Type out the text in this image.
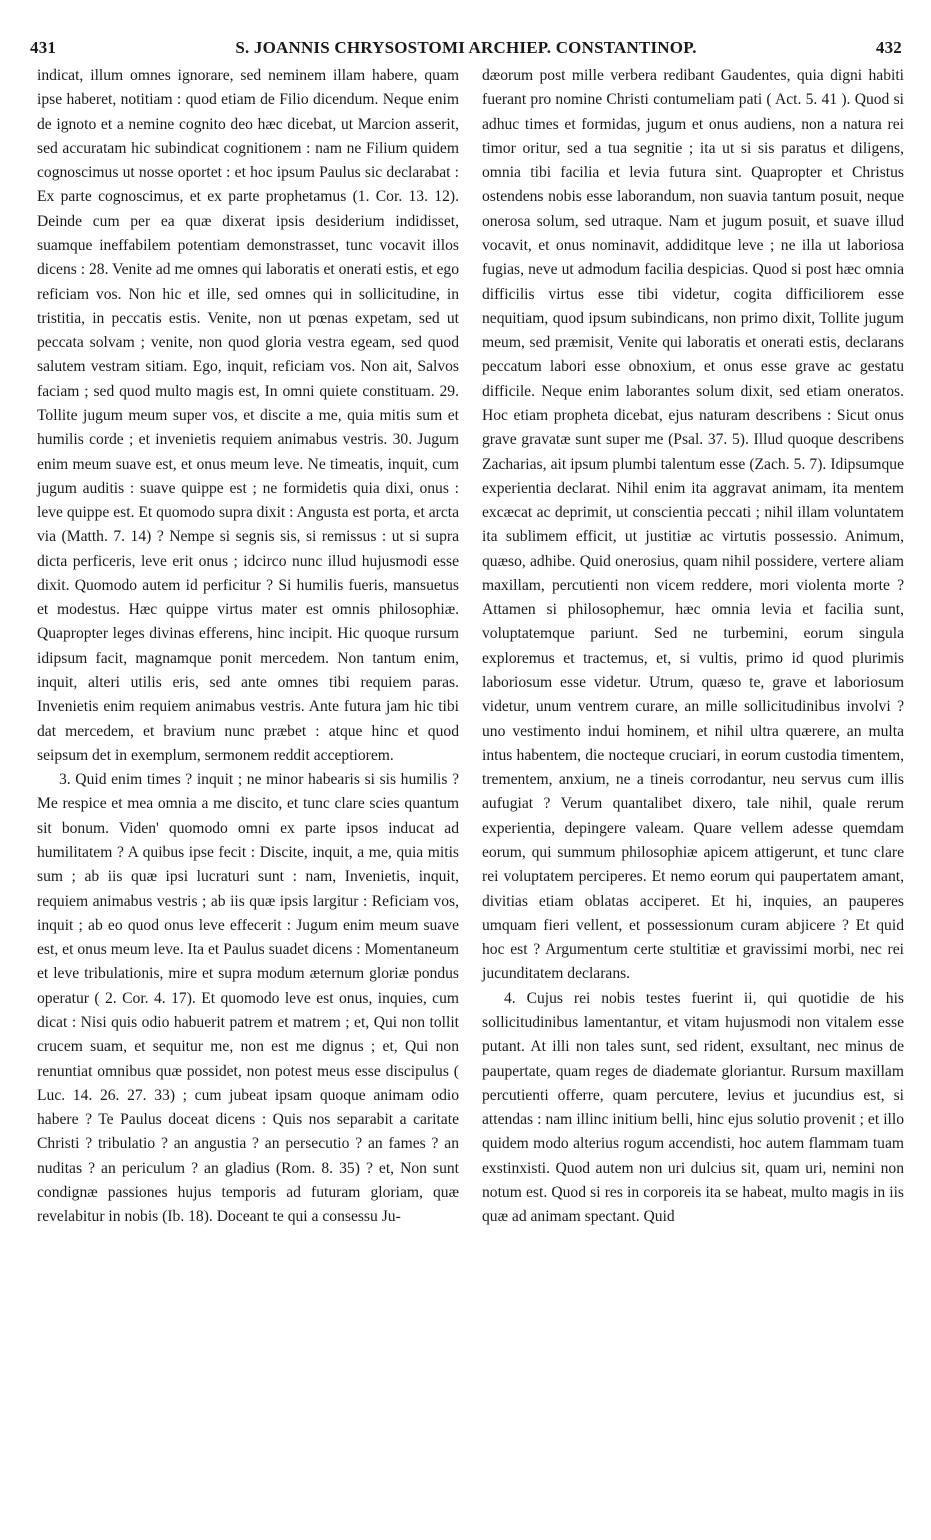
431	S. JOANNIS CHRYSOSTOMI ARCHIEP. CONSTANTINOP.	432

indicat, illum omnes ignorare, sed neminem illam habere, quam ipse haberet, notitiam : quod etiam de Filio dicendum. Neque enim de ignoto et a nemine cognito deo hæc dicebat, ut Marcion asserit, sed accuratam hic subindicat cognitionem : nam ne Filium quidem cognoscimus ut nosse oportet : et hoc ipsum Paulus sic declarabat : Ex parte cognoscimus, et ex parte prophetamus (1. Cor. 13. 12). Deinde cum per ea quæ dixerat ipsis desiderium indidisset, suamque ineffabilem potentiam demonstrasset, tunc vocavit illos dicens : 28. Venite ad me omnes qui laboratis et onerati estis, et ego reficiam vos. Non hic et ille, sed omnes qui in sollicitudine, in tristitia, in peccatis estis. Venite, non ut pœnas expetam, sed ut peccata solvam ; venite, non quod gloria vestra egeam, sed quod salutem vestram sitiam. Ego, inquit, reficiam vos. Non ait, Salvos faciam ; sed quod multo magis est, In omni quiete constituam. 29. Tollite jugum meum super vos, et discite a me, quia mitis sum et humilis corde ; et invenietis requiem animabus vestris. 30. Jugum enim meum suave est, et onus meum leve. Ne timeatis, inquit, cum jugum auditis : suave quippe est ; ne formidetis quia dixi, onus : leve quippe est. Et quomodo supra dixit : Angusta est porta, et arcta via (Matth. 7. 14) ? Nempe si segnis sis, si remissus : ut si supra dicta perficeris, leve erit onus ; idcirco nunc illud hujusmodi esse dixit. Quomodo autem id perficitur ? Si humilis fueris, mansuetus et modestus. Hæc quippe virtus mater est omnis philosophiæ. Quapropter leges divinas efferens, hinc incipit. Hic quoque rursum idipsum facit, magnamque ponit mercedem. Non tantum enim, inquit, alteri utilis eris, sed ante omnes tibi requiem paras. Invenietis enim requiem animabus vestris. Ante futura jam hic tibi dat mercedem, et bravium nunc præbet : atque hinc et quod seipsum det in exemplum, sermonem reddit acceptiorem.

3. Quid enim times ? inquit ; ne minor habearis si sis humilis ? Me respice et mea omnia a me discito, et tunc clare scies quantum sit bonum. Viden' quomodo omni ex parte ipsos inducat ad humilitatem ? A quibus ipse fecit : Discite, inquit, a me, quia mitis sum ; ab iis quæ ipsi lucraturi sunt : nam, Invenietis, inquit, requiem animabus vestris ; ab iis quæ ipsis largitur : Reficiam vos, inquit ; ab eo quod onus leve effecerit : Jugum enim meum suave est, et onus meum leve. Ita et Paulus suadet dicens : Momentaneum et leve tribulationis, mire et supra modum æternum gloriæ pondus operatur ( 2. Cor. 4. 17). Et quomodo leve est onus, inquies, cum dicat : Nisi quis odio habuerit patrem et matrem ; et, Qui non tollit crucem suam, et sequitur me, non est me dignus ; et, Qui non renuntiat omnibus quæ possidet, non potest meus esse discipulus ( Luc. 14. 26. 27. 33) ; cum jubeat ipsam quoque animam odio habere ? Te Paulus doceat dicens : Quis nos separabit a caritate Christi ? tribulatio ? an angustia ? an persecutio ? an fames ? an nuditas ? an periculum ? an gladius (Rom. 8. 35) ? et, Non sunt condignæ passiones hujus temporis ad futuram gloriam, quæ revelabitur in nobis (Ib. 18). Doceant te qui a consessu Ju-

dæorum post mille verbera redibant Gaudentes, quia digni habiti fuerant pro nomine Christi contumeliam pati ( Act. 5. 41 ). Quod si adhuc times et formidas, jugum et onus audiens, non a natura rei timor oritur, sed a tua segnitie ; ita ut si sis paratus et diligens, omnia tibi facilia et levia futura sint. Quapropter et Christus ostendens nobis esse laborandum, non suavia tantum posuit, neque onerosa solum, sed utraque. Nam et jugum posuit, et suave illud vocavit, et onus nominavit, addiditque leve ; ne illa ut laboriosa fugias, neve ut admodum facilia despicias. Quod si post hæc omnia difficilis virtus esse tibi videtur, cogita difficiliorem esse nequitiam, quod ipsum subindicans, non primo dixit, Tollite jugum meum, sed præmisit, Venite qui laboratis et onerati estis, declarans peccatum labori esse obnoxium, et onus esse grave ac gestatu difficile. Neque enim laborantes solum dixit, sed etiam oneratos. Hoc etiam propheta dicebat, ejus naturam describens : Sicut onus grave gravatæ sunt super me (Psal. 37. 5). Illud quoque describens Zacharias, ait ipsum plumbi talentum esse (Zach. 5. 7). Idipsumque experientia declarat. Nihil enim ita aggravat animam, ita mentem excæcat ac deprimit, ut conscientia peccati ; nihil illam voluntatem ita sublimem efficit, ut justitiæ ac virtutis possessio. Animum, quæso, adhibe. Quid onerosius, quam nihil possidere, vertere aliam maxillam, percutienti non vicem reddere, mori violenta morte ? Attamen si philosophemur, hæc omnia levia et facilia sunt, voluptatemque pariunt. Sed ne turbemini, eorum singula exploremus et tractemus, et, si vultis, primo id quod plurimis laboriosum esse videtur. Utrum, quæso te, grave et laboriosum videtur, unum ventrem curare, an mille sollicitudinibus involvi ? uno vestimento indui hominem, et nihil ultra quærere, an multa intus habentem, die nocteque cruciari, in eorum custodia timentem, trementem, anxium, ne a tineis corrodantur, neu servus cum illis aufugiat ? Verum quantalibet dixero, tale nihil, quale rerum experientia, depingere valeam. Quare vellem adesse quemdam eorum, qui summum philosophiæ apicem attigerunt, et tunc clare rei voluptatem perciperes. Et nemo eorum qui paupertatem amant, divitias etiam oblatas acciperet. Et hi, inquies, an pauperes umquam fieri vellent, et possessionum curam abjicere ? Et quid hoc est ? Argumentum certe stultitiæ et gravissimi morbi, nec rei jucunditatem declarans.

4. Cujus rei nobis testes fuerint ii, qui quotidie de his sollicitudinibus lamentantur, et vitam hujusmodi non vitalem esse putant. At illi non tales sunt, sed rident, exsultant, nec minus de paupertate, quam reges de diademate gloriantur. Rursum maxillam percutienti offerre, quam percutere, levius et jucundius est, si attendas : nam illinc initium belli, hinc ejus solutio provenit ; et illo quidem modo alterius rogum accendisti, hoc autem flammam tuam exstinxisti. Quod autem non uri dulcius sit, quam uri, nemini non notum est. Quod si res in corporeis ita se habeat, multo magis in iis quæ ad animam spectant. Quid
